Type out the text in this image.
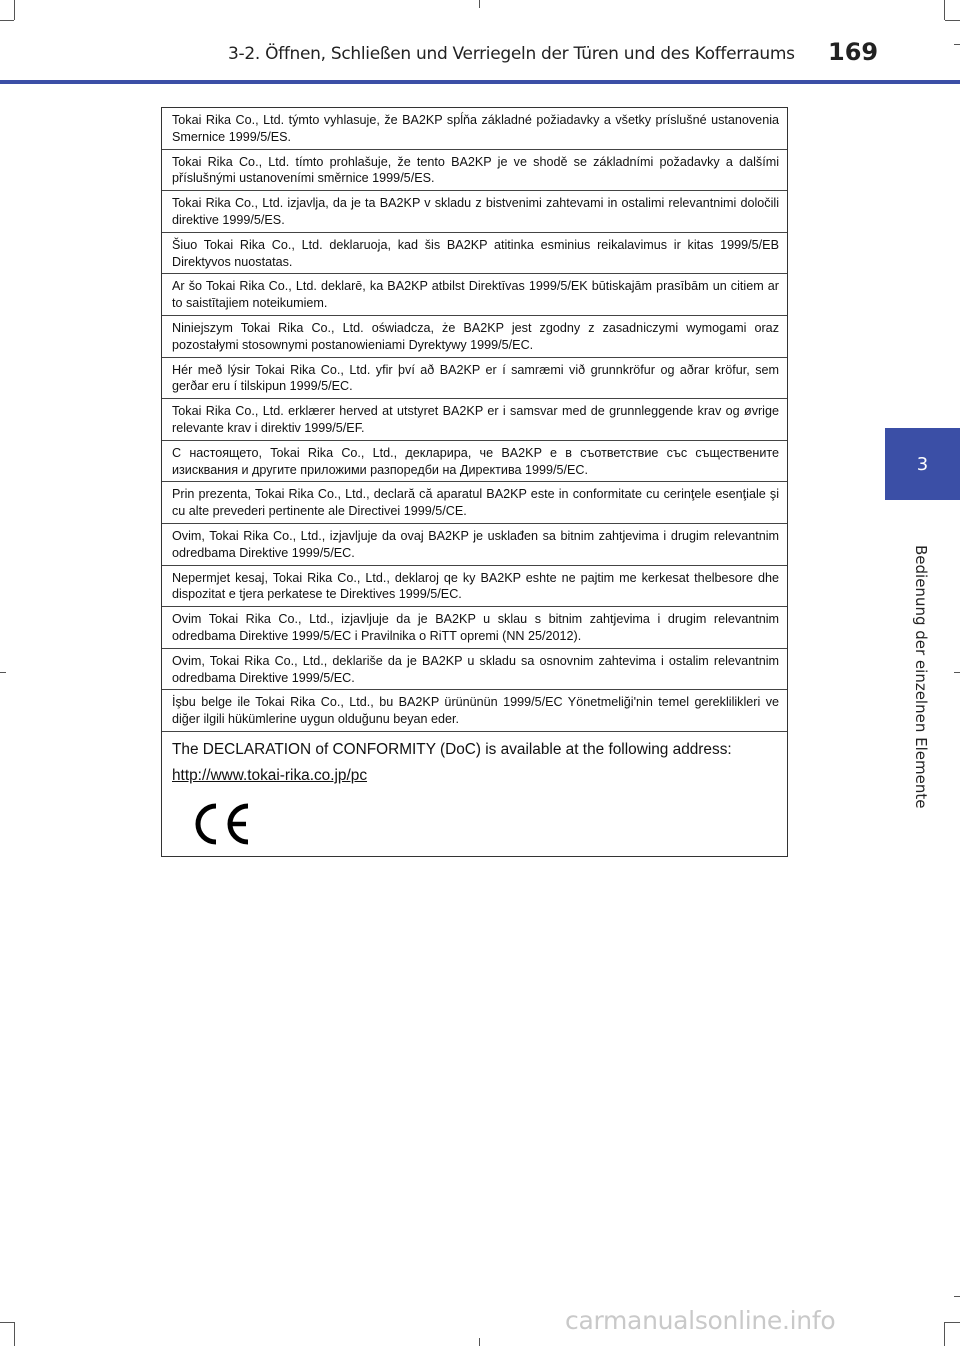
3-2. Öffnen, Schließen und Verriegeln der Türen und des Kofferraums 169
3
Bedienung der einzelnen Elemente
Tokai Rika Co., Ltd. týmto vyhlasuje, že BA2KP spĺňa základné požiadavky a všetky príslušné ustanovenia Smernice 1999/5/ES.
Tokai Rika Co., Ltd. tímto prohlašuje, že tento BA2KP je ve shodě se základními požadavky a dalšími příslušnými ustanoveními směrnice 1999/5/ES.
Tokai Rika Co., Ltd. izjavlja, da je ta BA2KP v skladu z bistvenimi zahtevami in ostalimi relevantnimi določili direktive 1999/5/ES.
Šiuo Tokai Rika Co., Ltd. deklaruoja, kad šis BA2KP atitinka esminius reikalavimus ir kitas 1999/5/EB Direktyvos nuostatas.
Ar šo Tokai Rika Co., Ltd. deklarē, ka BA2KP atbilst Direktīvas 1999/5/EK būtiskajām prasībām un citiem ar to saistītajiem noteikumiem.
Niniejszym Tokai Rika Co., Ltd. oświadcza, że BA2KP jest zgodny z zasadniczymi wymogami oraz pozostałymi stosownymi postanowieniami Dyrektywy 1999/5/EC.
Hér með lýsir Tokai Rika Co., Ltd. yfir því að BA2KP er í samræmi við grunnkröfur og aðrar kröfur, sem gerðar eru í tilskipun 1999/5/EC.
Tokai Rika Co., Ltd. erklærer herved at utstyret BA2KP er i samsvar med de grunnleggende krav og øvrige relevante krav i direktiv 1999/5/EF.
С настоящето, Tokai Rika Co., Ltd., декларира, че BA2KP е в съответствие със съществените изисквания и другите приложими разпоредби на Директива 1999/5/EC.
Prin prezenta, Tokai Rika Co., Ltd., declară că aparatul BA2KP este in conformitate cu cerinţele esenţiale şi cu alte prevederi pertinente ale Directivei 1999/5/CE.
Ovim, Tokai Rika Co., Ltd., izjavljuje da ovaj BA2KP je usklađen sa bitnim zahtjevima i drugim relevantnim odredbama Direktive 1999/5/EC.
Nepermjet kesaj, Tokai Rika Co., Ltd., deklaroj qe ky BA2KP eshte ne pajtim me kerkesat thelbesore dhe dispozitat e tjera perkatese te Direktives 1999/5/EC.
Ovim Tokai Rika Co., Ltd., izjavljuje da je BA2KP u sklau s bitnim zahtjevima i drugim relevantnim odredbama Direktive 1999/5/EC i Pravilnika o RiTT opremi (NN 25/2012).
Ovim, Tokai Rika Co., Ltd., deklariše da je BA2KP u skladu sa osnovnim zahtevima i ostalim relevantnim odredbama Direktive 1999/5/EC.
İşbu belge ile Tokai Rika Co., Ltd., bu BA2KP ürününün 1999/5/EC Yönetmeliği'nin temel gereklilikleri ve diğer ilgili hükümlerine uygun olduğunu beyan eder.
The DECLARATION of CONFORMITY (DoC) is available at the following address:
http://www.tokai-rika.co.jp/pc
carmanualsonline.info
